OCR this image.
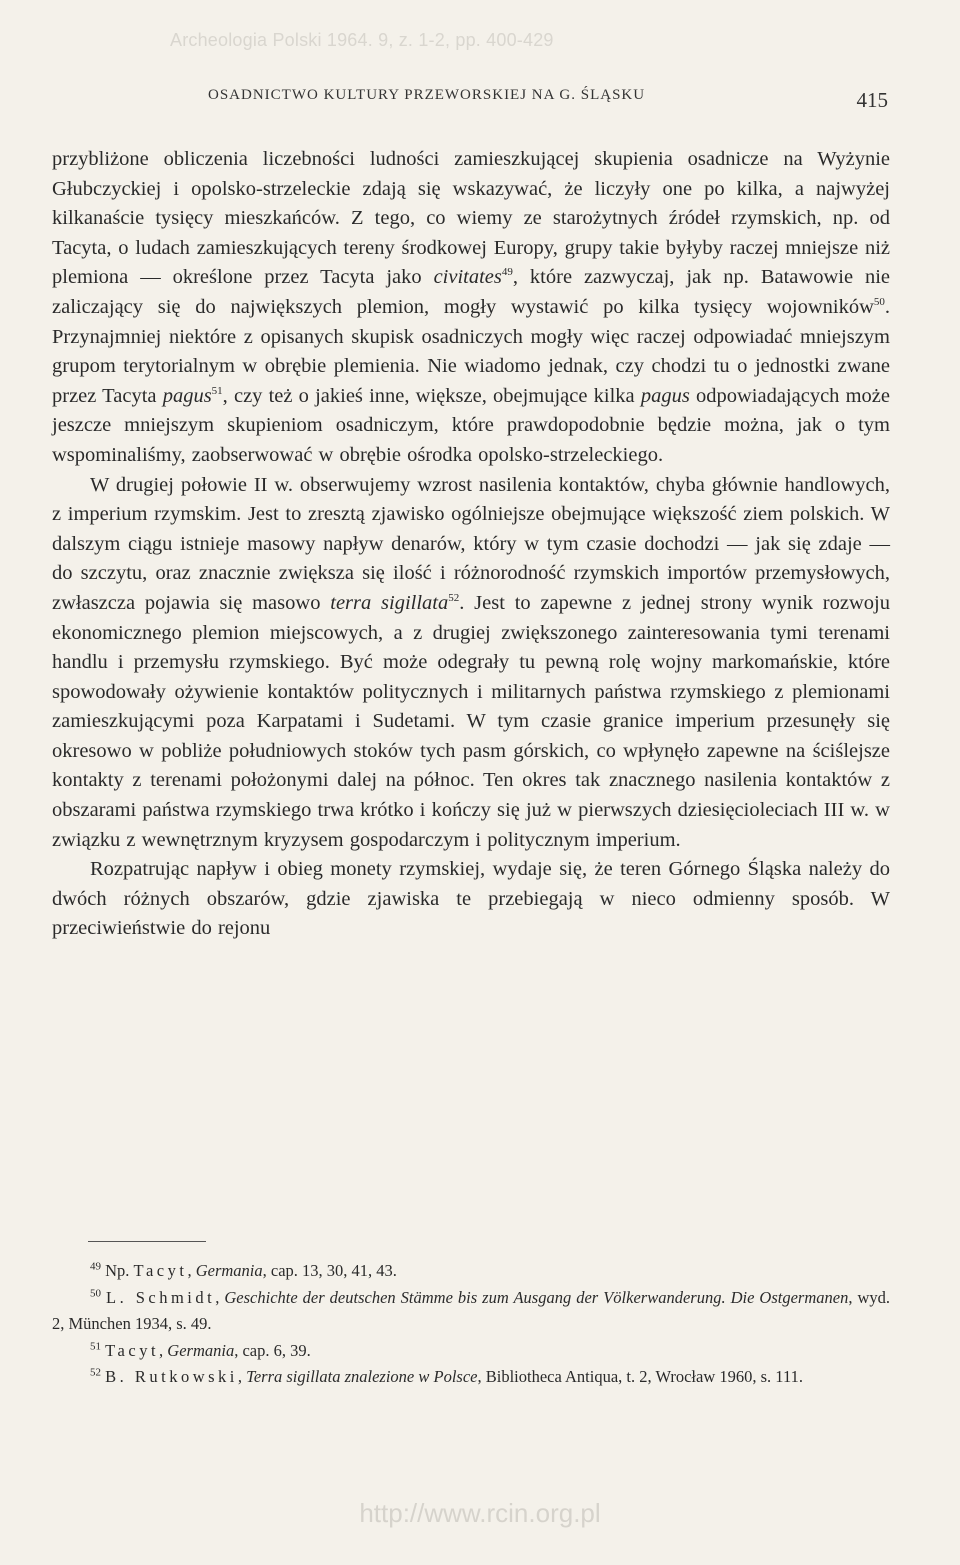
Archeologia Polski 1964. 9, z. 1-2, pp. 400-429
OSADNICTWO KULTURY PRZEWORSKIEJ NA G. ŚLĄSKU	415

przybliżone obliczenia liczebności ludności zamieszkującej skupienia osadnicze na Wyżynie Głubczyckiej i opolsko-strzeleckie zdają się wskazywać, że liczyły one po kilka, a najwyżej kilkanaście tysięcy mieszkańców. Z tego, co wiemy ze starożytnych źródeł rzymskich, np. od Tacyta, o ludach zamieszkujących tereny środkowej Europy, grupy takie byłyby raczej mniejsze niż plemiona — określone przez Tacyta jako civitates$^{49}$, które zazwyczaj, jak np. Batawowie nie zaliczający się do największych plemion, mogły wystawić po kilka tysięcy wojowników$^{50}$. Przynajmniej niektóre z opisanych skupisk osadniczych mogły więc raczej odpowiadać mniejszym grupom terytorialnym w obrębie plemienia. Nie wiadomo jednak, czy chodzi tu o jednostki zwane przez Tacyta pagus$^{51}$, czy też o jakieś inne, większe, obejmujące kilka pagus odpowiadających może jeszcze mniejszym skupieniom osadniczym, które prawdopodobnie będzie można, jak o tym wspominaliśmy, zaobserwować w obrębie ośrodka opolsko-strzeleckiego.

W drugiej połowie II w. obserwujemy wzrost nasilenia kontaktów, chyba głównie handlowych, z imperium rzymskim. Jest to zresztą zjawisko ogólniejsze obejmujące większość ziem polskich. W dalszym ciągu istnieje masowy napływ denarów, który w tym czasie dochodzi — jak się zdaje — do szczytu, oraz znacznie zwiększa się ilość i różnorodność rzymskich importów przemysłowych, zwłaszcza pojawia się masowo terra sigillata$^{52}$. Jest to zapewne z jednej strony wynik rozwoju ekonomicznego plemion miejscowych, a z drugiej zwiększonego zainteresowania tymi terenami handlu i przemysłu rzymskiego. Być może odegrały tu pewną rolę wojny markomańskie, które spowodowały ożywienie kontaktów politycznych i militarnych państwa rzymskiego z plemionami zamieszkującymi poza Karpatami i Sudetami. W tym czasie granice imperium przesunęły się okresowo w pobliże południowych stoków tych pasm górskich, co wpłynęło zapewne na ściślejsze kontakty z terenami położonymi dalej na północ. Ten okres tak znacznego nasilenia kontaktów z obszarami państwa rzymskiego trwa krótko i kończy się już w pierwszych dziesięcioleciach III w. w związku z wewnętrznym kryzysem gospodarczym i politycznym imperium.

Rozpatrując napływ i obieg monety rzymskiej, wydaje się, że teren Górnego Śląska należy do dwóch różnych obszarów, gdzie zjawiska te przebiegają w nieco odmienny sposób. W przeciwieństwie do rejonu

$^{49}$ Np. Tacyt, Germania, cap. 13, 30, 41, 43.

$^{50}$ L. Schmidt, Geschichte der deutschen Stämme bis zum Ausgang der Völkerwanderung. Die Ostgermanen, wyd. 2, München 1934, s. 49.

$^{51}$ Tacyt, Germania, cap. 6, 39.

$^{52}$ B. Rutkowski, Terra sigillata znalezione w Polsce, Bibliotheca Antiqua, t. 2, Wrocław 1960, s. 111.

http://www.rcin.org.pl
